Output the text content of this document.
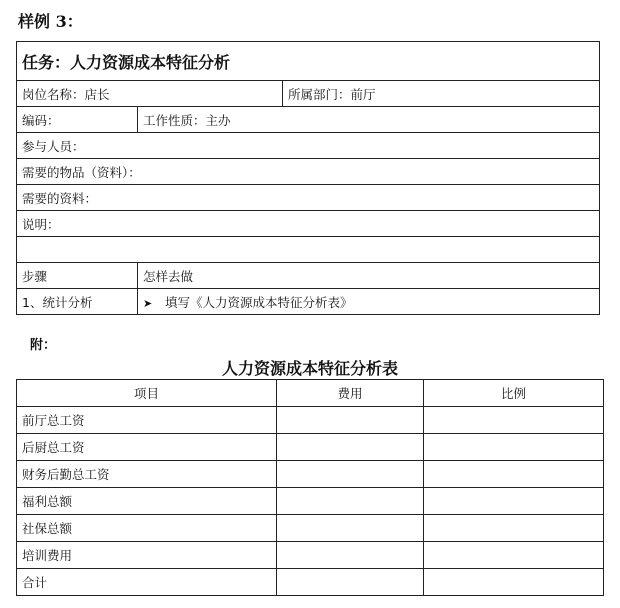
样例 3：
任务：人力资源成本特征分析		
岗位名称：店长		所属部门：前厅
编码：	工作性质：主办	
参与人员：		
需要的物品（资料）：		
需要的资料：		
说明：		

步骤	怎样去做	
1、统计分析	➤ 填写《人力资源成本特征分析表》	
附：
人力资源成本特征分析表
项目	费用	比例
前厅总工资		
后厨总工资		
财务后勤总工资		
福利总额		
社保总额		
培训费用		
合计		
